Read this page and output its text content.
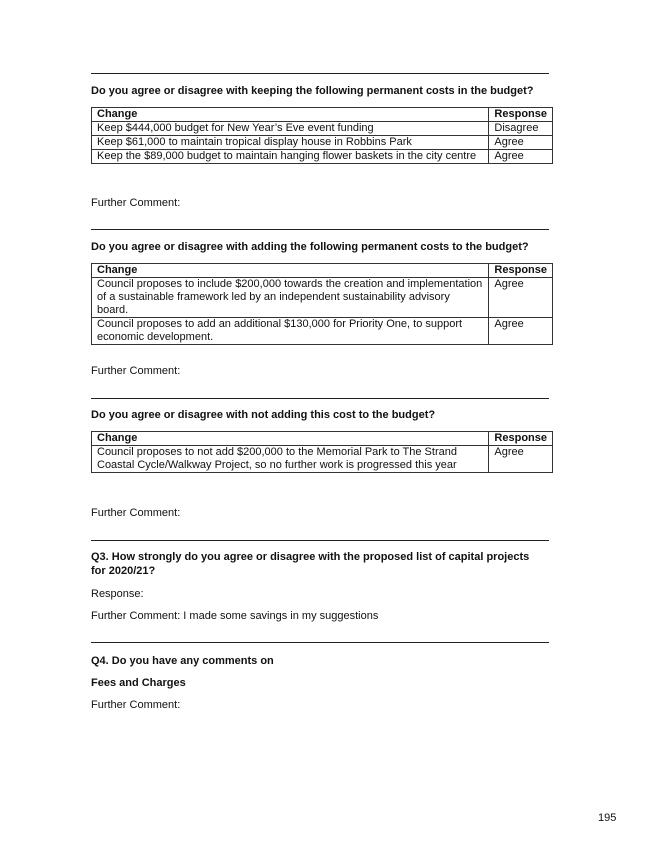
Do you agree or disagree with keeping the following permanent costs in the budget?
Change	Response
Keep $444,000 budget for New Year’s Eve event funding	Disagree
Keep $61,000 to maintain tropical display house in Robbins Park	Agree
Keep the $89,000 budget to maintain hanging flower baskets in the city centre	Agree
Further Comment:
Do you agree or disagree with adding the following permanent costs to the budget?
Change	Response
Council proposes to include $200,000 towards the creation and implementation of a sustainable framework led by an independent sustainability advisory board.	Agree
Council proposes to add an additional $130,000 for Priority One, to support economic development.	Agree
Further Comment:
Do you agree or disagree with not adding this cost to the budget?
Change	Response
Council proposes to not add $200,000 to the Memorial Park to The Strand Coastal Cycle/Walkway Project, so no further work is progressed this year	Agree
Further Comment:
Q3. How strongly do you agree or disagree with the proposed list of capital projects for 2020/21?
Response:
Further Comment: I made some savings in my suggestions
Q4. Do you have any comments on
Fees and Charges
Further Comment:
195
